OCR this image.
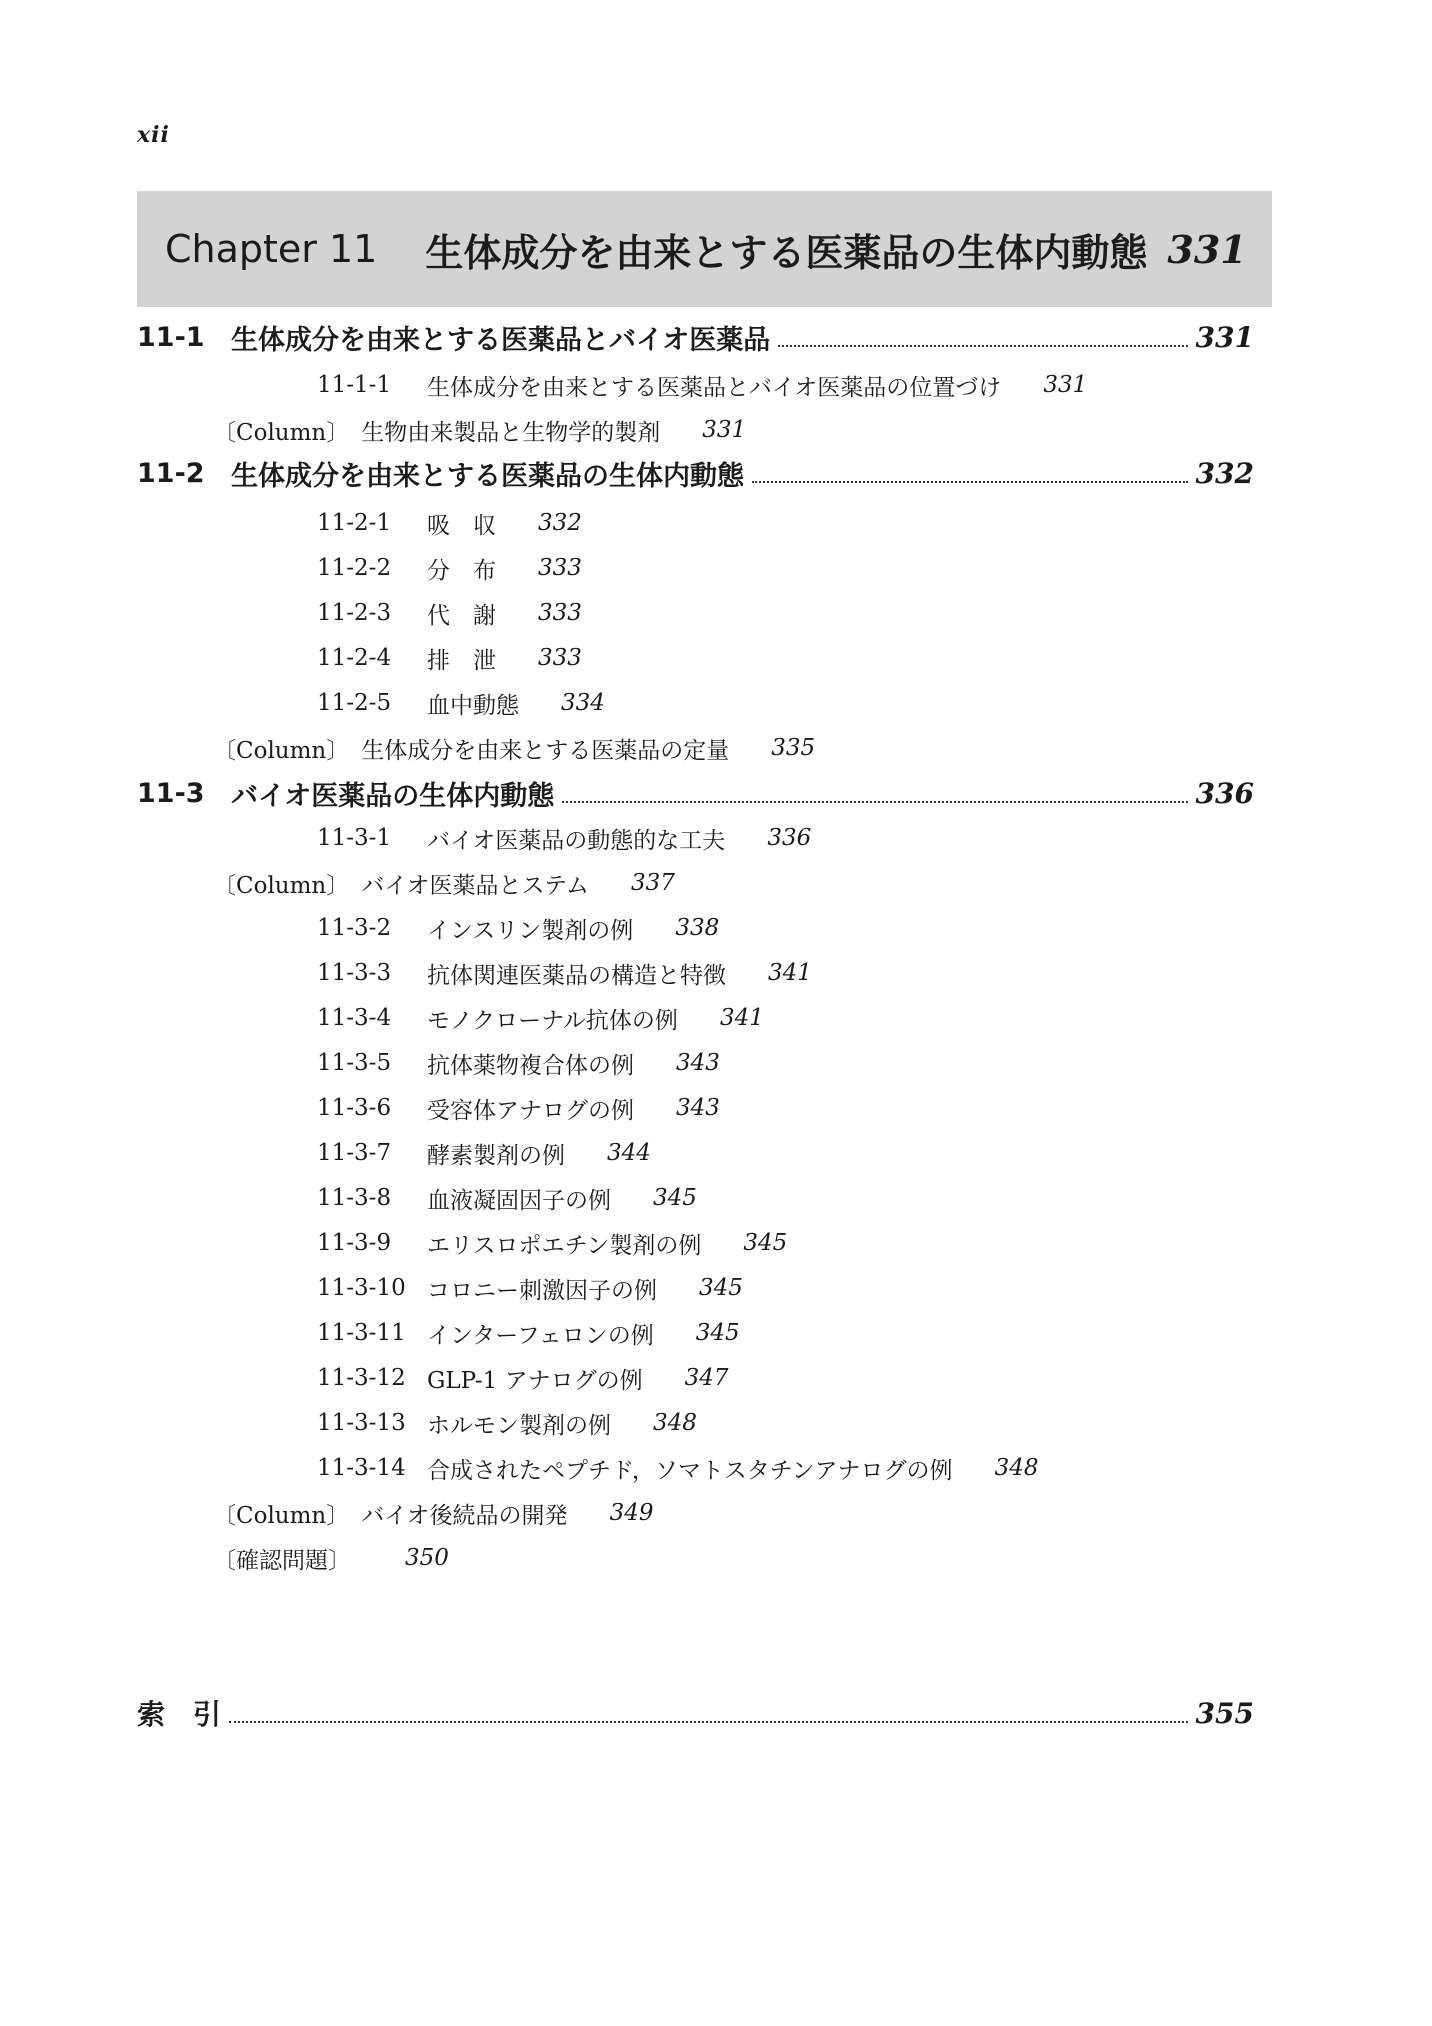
xii
Chapter 11 生体成分を由来とする医薬品の生体内動態 331
11-1 生体成分を由来とする医薬品とバイオ医薬品	331
11-1-1	生体成分を由来とする医薬品とバイオ医薬品の位置づけ 331
〔Column〕 生物由来製品と生物学的製剤 331
11-2 生体成分を由来とする医薬品の生体内動態	332
11-2-1	吸　収 332
11-2-2	分　布 333
11-2-3	代　謝 333
11-2-4	排　泄 333
11-2-5	血中動態 334
〔Column〕 生体成分を由来とする医薬品の定量 335
11-3 バイオ医薬品の生体内動態	336
11-3-1	バイオ医薬品の動態的な工夫 336
〔Column〕 バイオ医薬品とステム 337
11-3-2	インスリン製剤の例 338
11-3-3	抗体関連医薬品の構造と特徴 341
11-3-4	モノクローナル抗体の例 341
11-3-5	抗体薬物複合体の例 343
11-3-6	受容体アナログの例 343
11-3-7	酵素製剤の例 344
11-3-8	血液凝固因子の例 345
11-3-9	エリスロポエチン製剤の例 345
11-3-10 コロニー刺激因子の例 345
11-3-11 インターフェロンの例 345
11-3-12 GLP-1 アナログの例 347
11-3-13 ホルモン製剤の例 348
11-3-14 合成されたペプチド，ソマトスタチンアナログの例 348
〔Column〕 バイオ後続品の開発 349
〔確認問題〕 350
索　引	355
